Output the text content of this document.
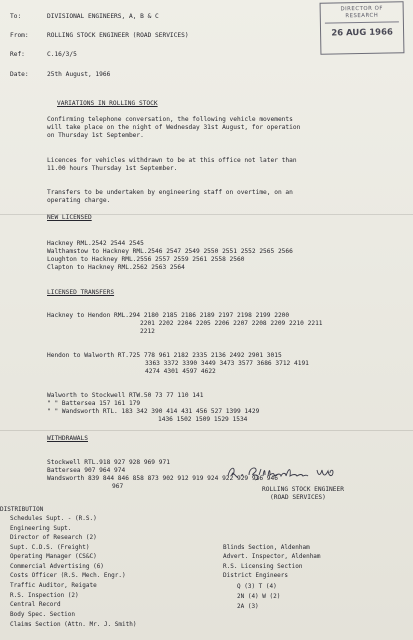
To:	DIVISIONAL ENGINEERS, A, B & C
From:	ROLLING STOCK ENGINEER (ROAD SERVICES)
Ref:	C.16/3/5
Date:	25th August, 1966
DIRECTOR OF
RESEARCH
26 AUG 1966
VARIATIONS IN ROLLING STOCK
Confirming telephone conversation, the following vehicle movements
will take place on the night of Wednesday 31st August, for operation
on Thursday 1st September.
Licences for vehicles withdrawn to be at this office not later than
11.00 hours Thursday 1st September.
Transfers to be undertaken by engineering staff on overtime, on an
operating charge.
NEW LICENSED
Hackney RML.2542 2544 2545
Walthamstow to Hackney RML.2546 2547 2549 2550 2551 2552 2565 2566
Loughton to Hackney RML.2556 2557 2559 2561 2558 2560
Clapton to Hackney RML.2562 2563 2564
LICENSED TRANSFERS
Hackney to Hendon RML.294 2180 2185 2186 2189 2197 2198 2199 2200
2201 2202 2204 2205 2206 2207 2208 2209 2210 2211
2212
Hendon to Walworth RT.725 778 961 2182 2335 2136 2492 2901 3015
3363 3372 3390 3449 3473 3577 3686 3712 4191
4274 4301 4597 4622
Walworth to Stockwell RTW.50 73 77 110 141
" " Battersea 157 161 179
" " Wandsworth RTL. 183 342 390 414 431 456 527 1399 1429
1436 1502 1509 1529 1534
WITHDRAWALS
Stockwell RTL.918 927 928 969 971
Battersea 907 964 974
Wandsworth 839 844 846 858 873 902 912 919 924 922 929 936 946
967	ROLLING STOCK ENGINEER
(ROAD SERVICES)
DISTRIBUTION
Schedules Supt. - (R.S.)
Engineering Supt.
Director of Research (2)
Supt. C.D.S. (Freight)
Operating Manager (CS&C)
Commercial Advertising (6)
Costs Officer (R.S. Mech. Engr.)
Traffic Auditor, Reigate
R.S. Inspection (2)
Central Record
Body Spec. Section
Claims Section (Attn. Mr. J. Smith)
Blinds Section, Aldenham
Advert. Inspector, Aldenham
R.S. Licensing Section
District Engineers
Q (3) T (4)
2N (4) W (2)
2A (3)
